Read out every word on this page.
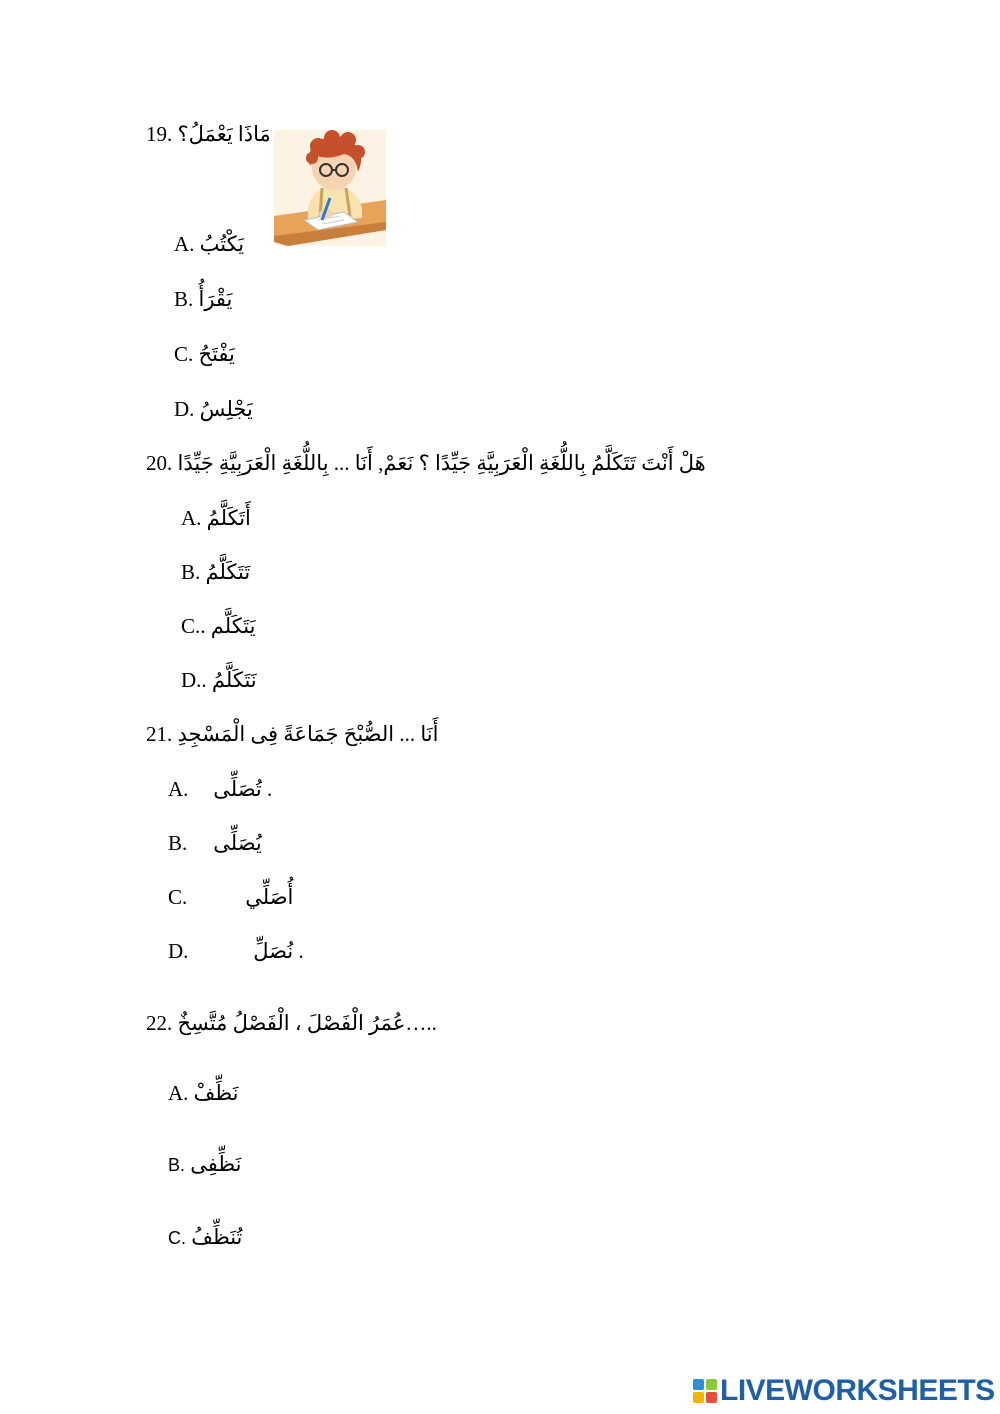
19. مَاذَا يَعْمَلُ؟
A. يَكْتُبُ
B. يَقْرَأُ
C. يَفْتَحُ
D. يَجْلِسُ
20. هَلْ أَنْتَ تَتَكَلَّمُ بِاللُّغَةِ الْعَرَبِيَّةِ جَيِّدًا ؟ نَعَمْ, أَنَا ... بِاللُّغَةِ الْعَرَبِيَّةِ جَيِّدًا
A. أَتَكَلَّمُ
B. تَتَكَلَّمُ
C.. يَتَكَلَّم
D.. نَتَكَلَّمُ
21. أَنَا ... الصُّبْحَ جَمَاعَةً فِى الْمَسْجِدِ
A. تُصَلِّى .
B. يُصَلِّى
C.	أُصَلِّي
D.	نُصَلِّ .
22. عُمَرُ الْفَصْلَ ، الْفَصْلُ مُتَّسِخٌ…..
A. نَظِّفْ
B. نَظِّفِى
C. تُنَظِّفُ
LIVEWORKSHEETS
